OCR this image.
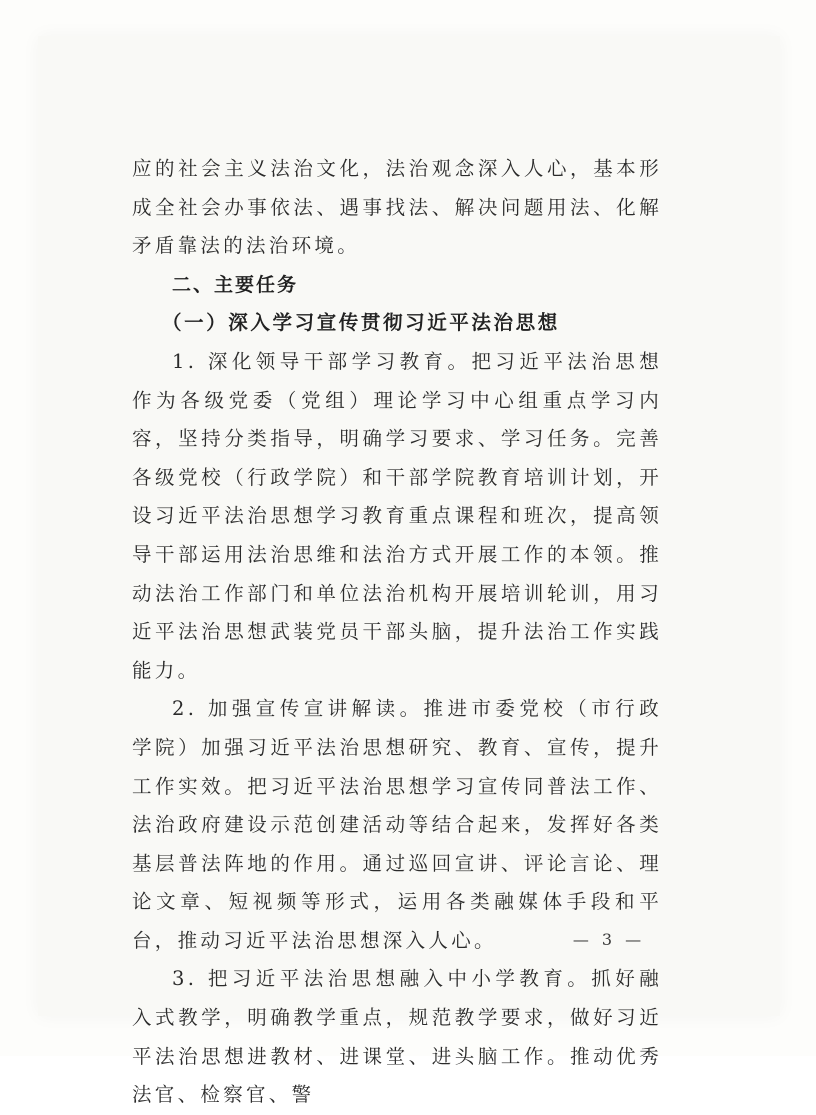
应的社会主义法治文化，法治观念深入人心，基本形成全社会办事依法、遇事找法、解决问题用法、化解矛盾靠法的法治环境。

二、主要任务
（一）深入学习宣传贯彻习近平法治思想

1. 深化领导干部学习教育。把习近平法治思想作为各级党委（党组）理论学习中心组重点学习内容，坚持分类指导，明确学习要求、学习任务。完善各级党校（行政学院）和干部学院教育培训计划，开设习近平法治思想学习教育重点课程和班次，提高领导干部运用法治思维和法治方式开展工作的本领。推动法治工作部门和单位法治机构开展培训轮训，用习近平法治思想武装党员干部头脑，提升法治工作实践能力。

2. 加强宣传宣讲解读。推进市委党校（市行政学院）加强习近平法治思想研究、教育、宣传，提升工作实效。把习近平法治思想学习宣传同普法工作、法治政府建设示范创建活动等结合起来，发挥好各类基层普法阵地的作用。通过巡回宣讲、评论言论、理论文章、短视频等形式，运用各类融媒体手段和平台，推动习近平法治思想深入人心。

3. 把习近平法治思想融入中小学教育。抓好融入式教学，明确教学重点，规范教学要求，做好习近平法治思想进教材、进课堂、进头脑工作。推动优秀法官、检察官、警

— 3 —
